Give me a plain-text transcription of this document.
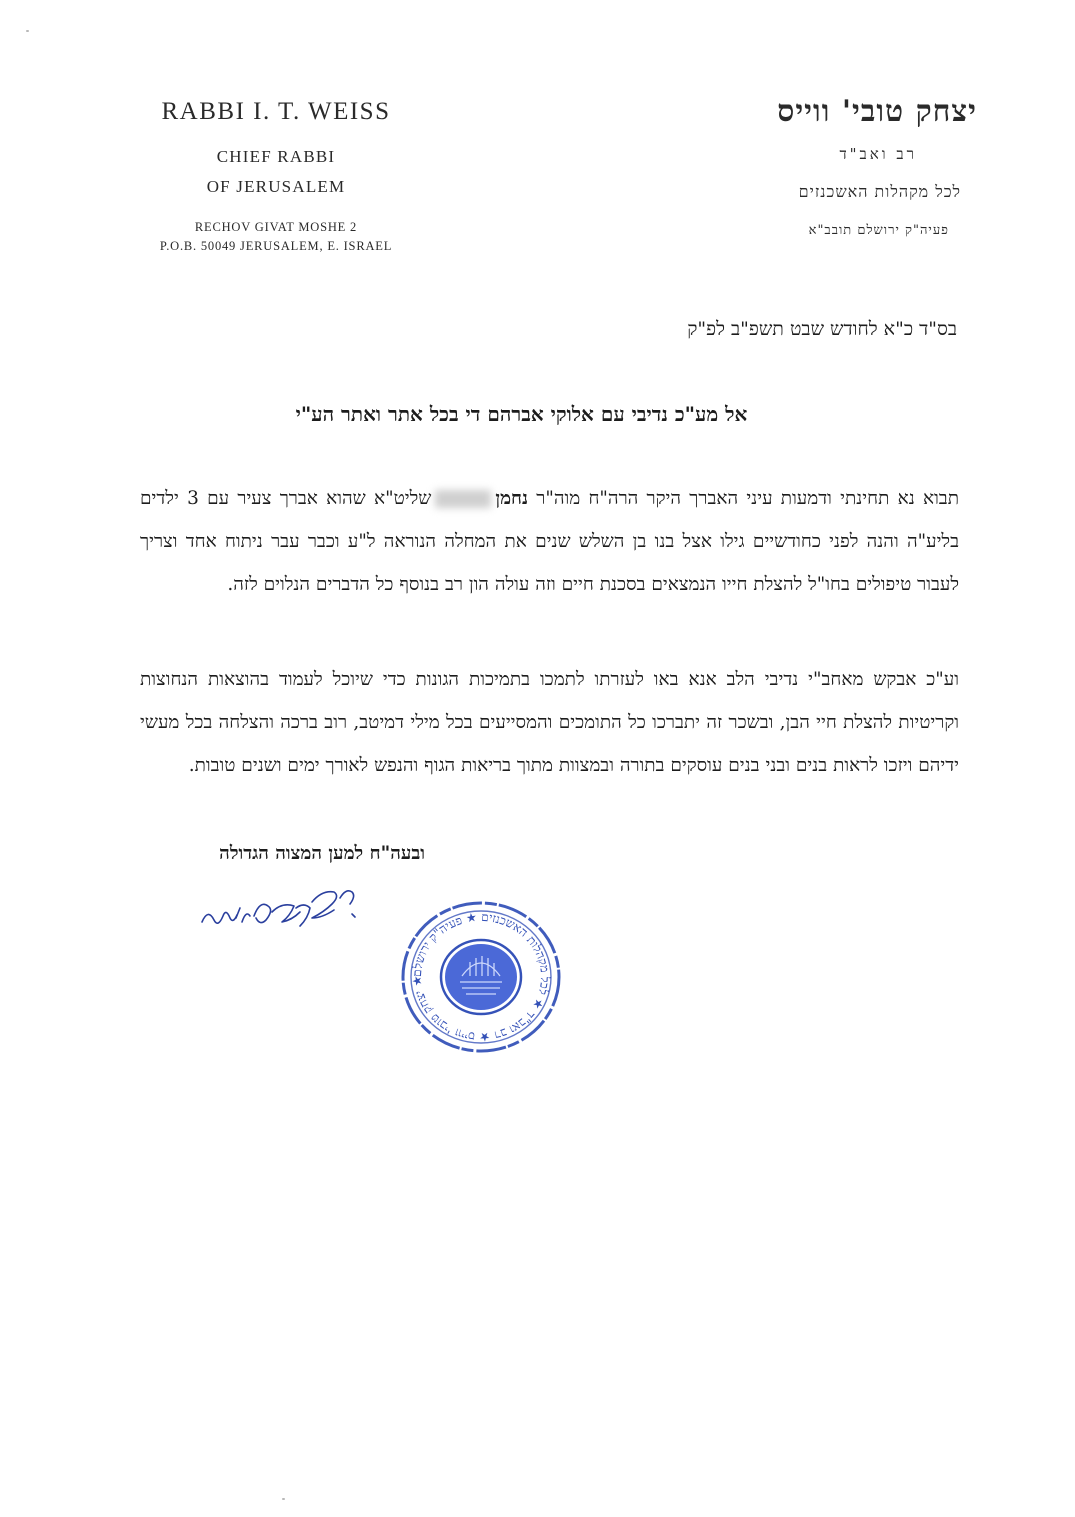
RABBI I. T. WEISS
CHIEF RABBI
OF JERUSALEM
RECHOV GIVAT MOSHE 2
P.O.B. 50049 JERUSALEM, E. ISRAEL
יצחק טובי' ווייס
רב ואב"ד
לכל מקהלות האשכנזים
פעיה"ק ירושלם תובב"א
בס"ד כ"א לחודש שבט תשפ"ב לפ"ק
אל מע"כ נדיבי עם אלוקי אברהם די בכל אתר ואתר הע"י
תבוא נא תחינתי ודמעות עיני האברך היקר הרה"ח מוה"ר נחמןשליט"א שהוא אברך צעיר עם 3 ילדים בליע"ה והנה לפני כחודשיים גילו אצל בנו בן השלש שנים את המחלה הנוראה ל"ע וכבר עבר ניתוח אחד וצריך לעבור טיפולים בחו"ל להצלת חייו הנמצאים בסכנת חיים וזה עולה הון רב בנוסף כל הדברים הנלוים לזה.
וע"כ אבקש מאחב"י נדיבי הלב אנא באו לעזרתו לתמכו בתמיכות הגונות כדי שיוכל לעמוד בהוצאות הנחוצות וקריטיות להצלת חיי הבן, ובשכר זה יתברכו כל התומכים והמסייעים בכל מילי דמיטב, רוב ברכה והצלחה בכל מעשי ידיהם ויזכו לראות בנים ובני בנים עוסקים בתורה ובמצוות מתוך בריאות הגוף והנפש לאורך ימים ושנים טובות.
ובעה"ח למען המצוה הגדולה
יצחק טובי' ווייס ★ רב ואב"ד ★ לכל מקהלות האשכנזים ★ פעיה"ק ירושלם ★
